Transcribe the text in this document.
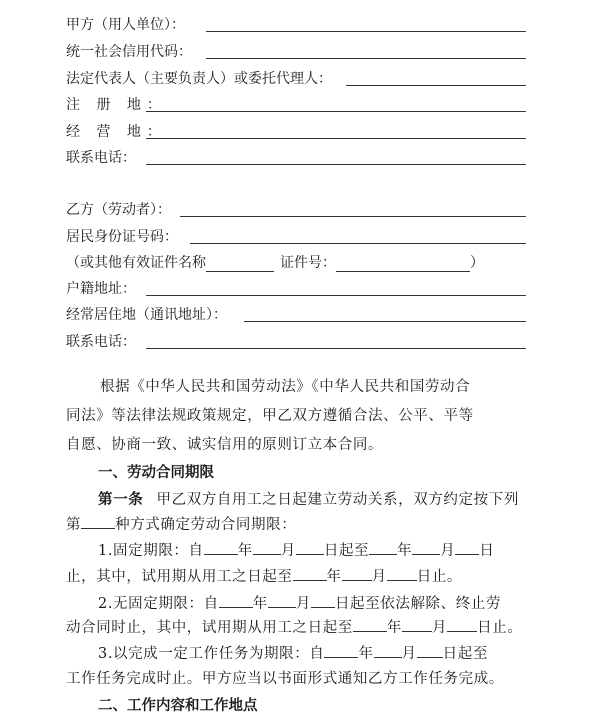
甲方（用人单位）：
统一社会信用代码：
法定代表人（主要负责人）或委托代理人：
注 册 地：
经 营 地：
联系电话：
乙方（劳动者）：
居民身份证号码：
（或其他有效证件名称	证件号：	）
户籍地址：
经常居住地（通讯地址）：
联系电话：
根据《中华人民共和国劳动法》《中华人民共和国劳动合
同法》等法律法规政策规定，甲乙双方遵循合法、公平、平等
自愿、协商一致、诚实信用的原则订立本合同。
一、劳动合同期限
第一条 甲乙双方自用工之日起建立劳动关系，双方约定按下列
第 种方式确定劳动合同期限：
1.固定期限：自 年 月 日起至 年 月 日
止，其中，试用期从用工之日起至 年 月 日止。
2.无固定期限：自 年 月 日起至依法解除、终止劳
动合同时止，其中，试用期从用工之日起至 年 月 日止。
3.以完成一定工作任务为期限：自 年 月 日起至
工作任务完成时止。甲方应当以书面形式通知乙方工作任务完成。
二、工作内容和工作地点
